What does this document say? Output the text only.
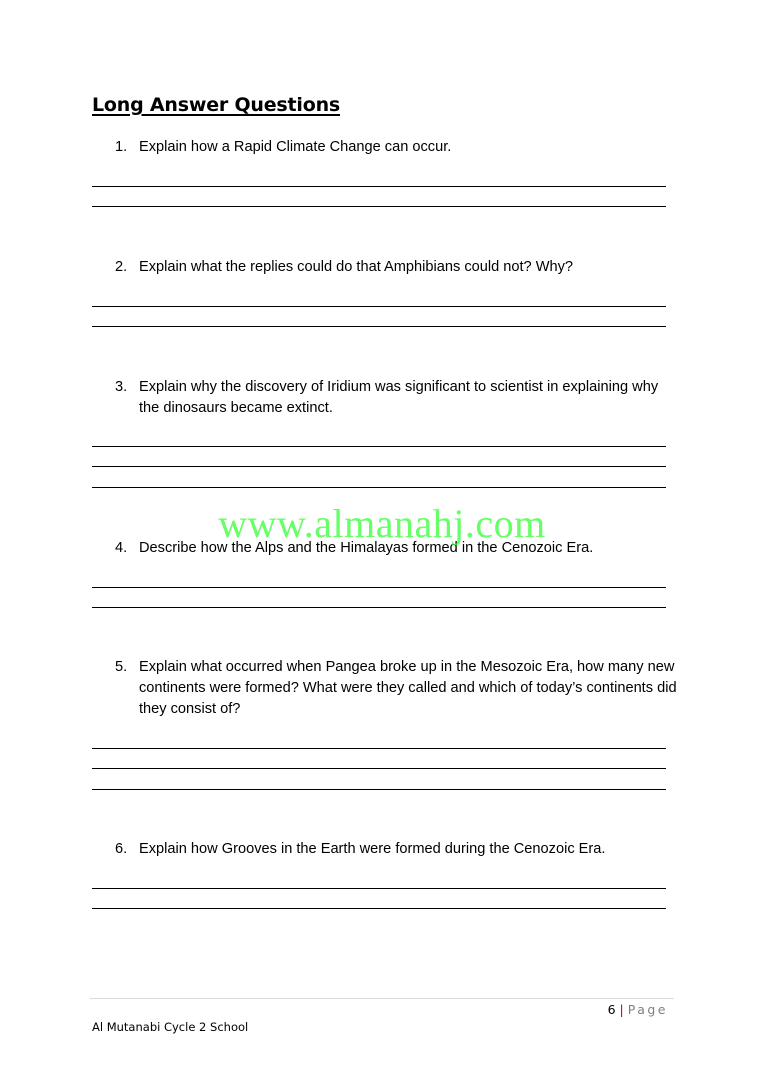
Long Answer Questions
1. Explain how a Rapid Climate Change can occur.
2. Explain what the replies could do that Amphibians could not? Why?
3. Explain why the discovery of Iridium was significant to scientist in explaining why the dinosaurs became extinct.
4. Describe how the Alps and the Himalayas formed in the Cenozoic Era.
5. Explain what occurred when Pangea broke up in the Mesozoic Era, how many new continents were formed? What were they called and which of today’s continents did they consist of?
6. Explain how Grooves in the Earth were formed during the Cenozoic Era.
www.almanahj.com
6 | Page
Al Mutanabi Cycle 2 School
